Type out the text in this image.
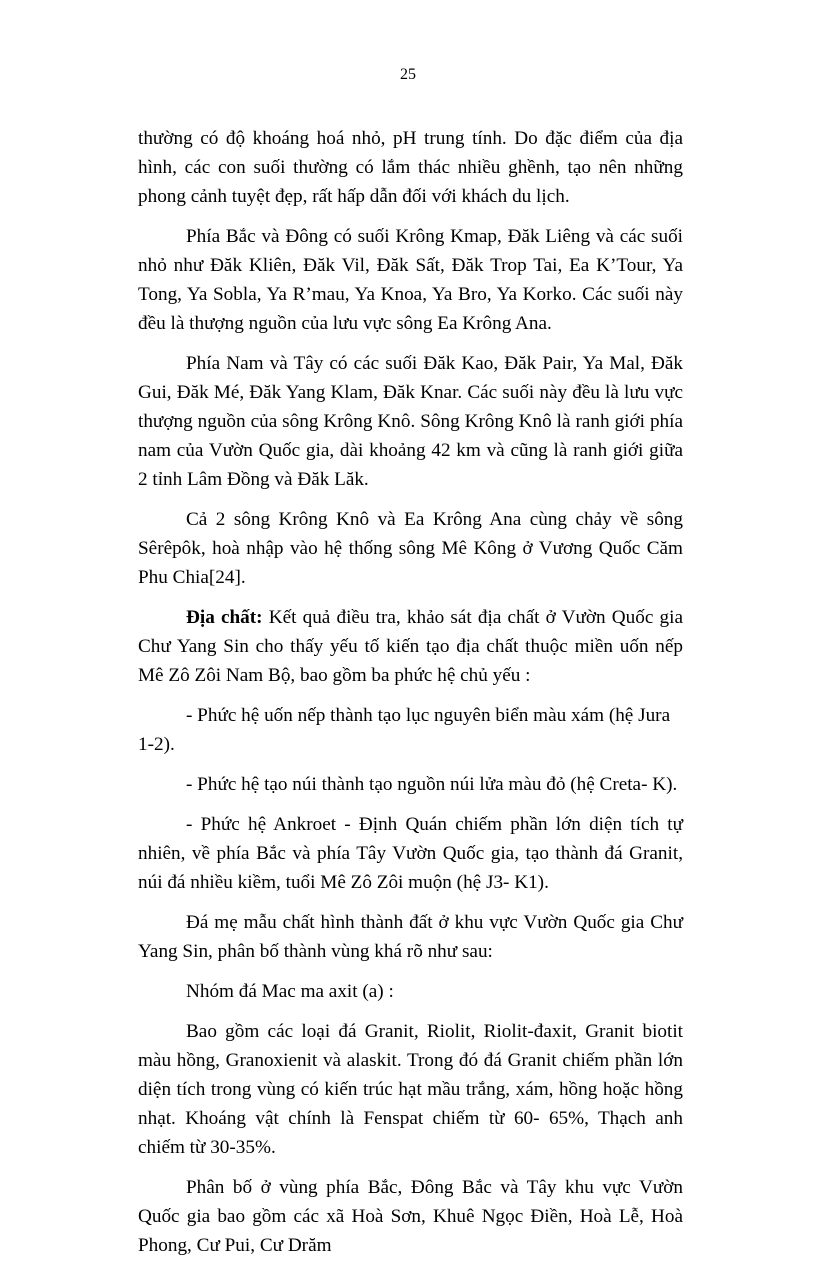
25

thường có độ khoáng hoá nhỏ, pH trung tính. Do đặc điểm của địa hình, các con suối thường có lắm thác nhiều ghềnh, tạo nên những phong cảnh tuyệt đẹp, rất hấp dẫn đối với khách du lịch.

Phía Bắc và Đông có suối Krông Kmap, Đăk Liêng và các suối nhỏ như Đăk Kliên, Đăk Vil, Đăk Sất, Đăk Trop Tai, Ea K’Tour, Ya Tong, Ya Sobla, Ya R’mau, Ya Knoa, Ya Bro, Ya Korko. Các suối này đều là thượng nguồn của lưu vực sông Ea Krông Ana.

Phía Nam và Tây có các suối Đăk Kao, Đăk Pair, Ya Mal, Đăk Gui, Đăk Mé, Đăk Yang Klam, Đăk Knar. Các suối này đều là lưu vực thượng nguồn của sông Krông Knô. Sông Krông Knô là ranh giới phía nam của Vườn Quốc gia, dài khoảng 42 km và cũng là ranh giới giữa 2 tỉnh Lâm Đồng và Đăk Lăk.

Cả 2 sông Krông Knô và Ea Krông Ana cùng chảy về sông Sêrêpôk, hoà nhập vào hệ thống sông Mê Kông ở Vương Quốc Căm Phu Chia[24].

Địa chất: Kết quả điều tra, khảo sát địa chất ở Vườn Quốc gia Chư Yang Sin cho thấy yếu tố kiến tạo địa chất thuộc miền uốn nếp Mê Zô Zôi Nam Bộ, bao gồm ba phức hệ chủ yếu :

- Phức hệ uốn nếp thành tạo lục nguyên biển màu xám (hệ Jura 1-2).

- Phức hệ tạo núi thành tạo nguồn núi lửa màu đỏ (hệ Creta- K).

- Phức hệ Ankroet - Định Quán chiếm phần lớn diện tích tự nhiên, về phía Bắc và phía Tây Vườn Quốc gia, tạo thành đá Granit, núi đá nhiều kiềm, tuổi Mê Zô Zôi muộn (hệ J3- K1).

Đá mẹ mẫu chất hình thành đất ở khu vực Vườn Quốc gia Chư Yang Sin, phân bố thành vùng khá rõ như sau:

Nhóm đá Mac ma axit (a) :

Bao gồm các loại đá Granit, Riolit, Riolit-đaxit, Granit biotit màu hồng, Granoxienit và alaskit. Trong đó đá Granit chiếm phần lớn diện tích trong vùng có kiến trúc hạt mầu trắng, xám, hồng hoặc hồng nhạt. Khoáng vật chính là Fenspat chiếm từ 60- 65%, Thạch anh chiếm từ 30-35%.

Phân bố ở vùng phía Bắc, Đông Bắc và Tây khu vực Vườn Quốc gia bao gồm các xã Hoà Sơn, Khuê Ngọc Điền, Hoà Lễ, Hoà Phong, Cư Pui, Cư Drăm
